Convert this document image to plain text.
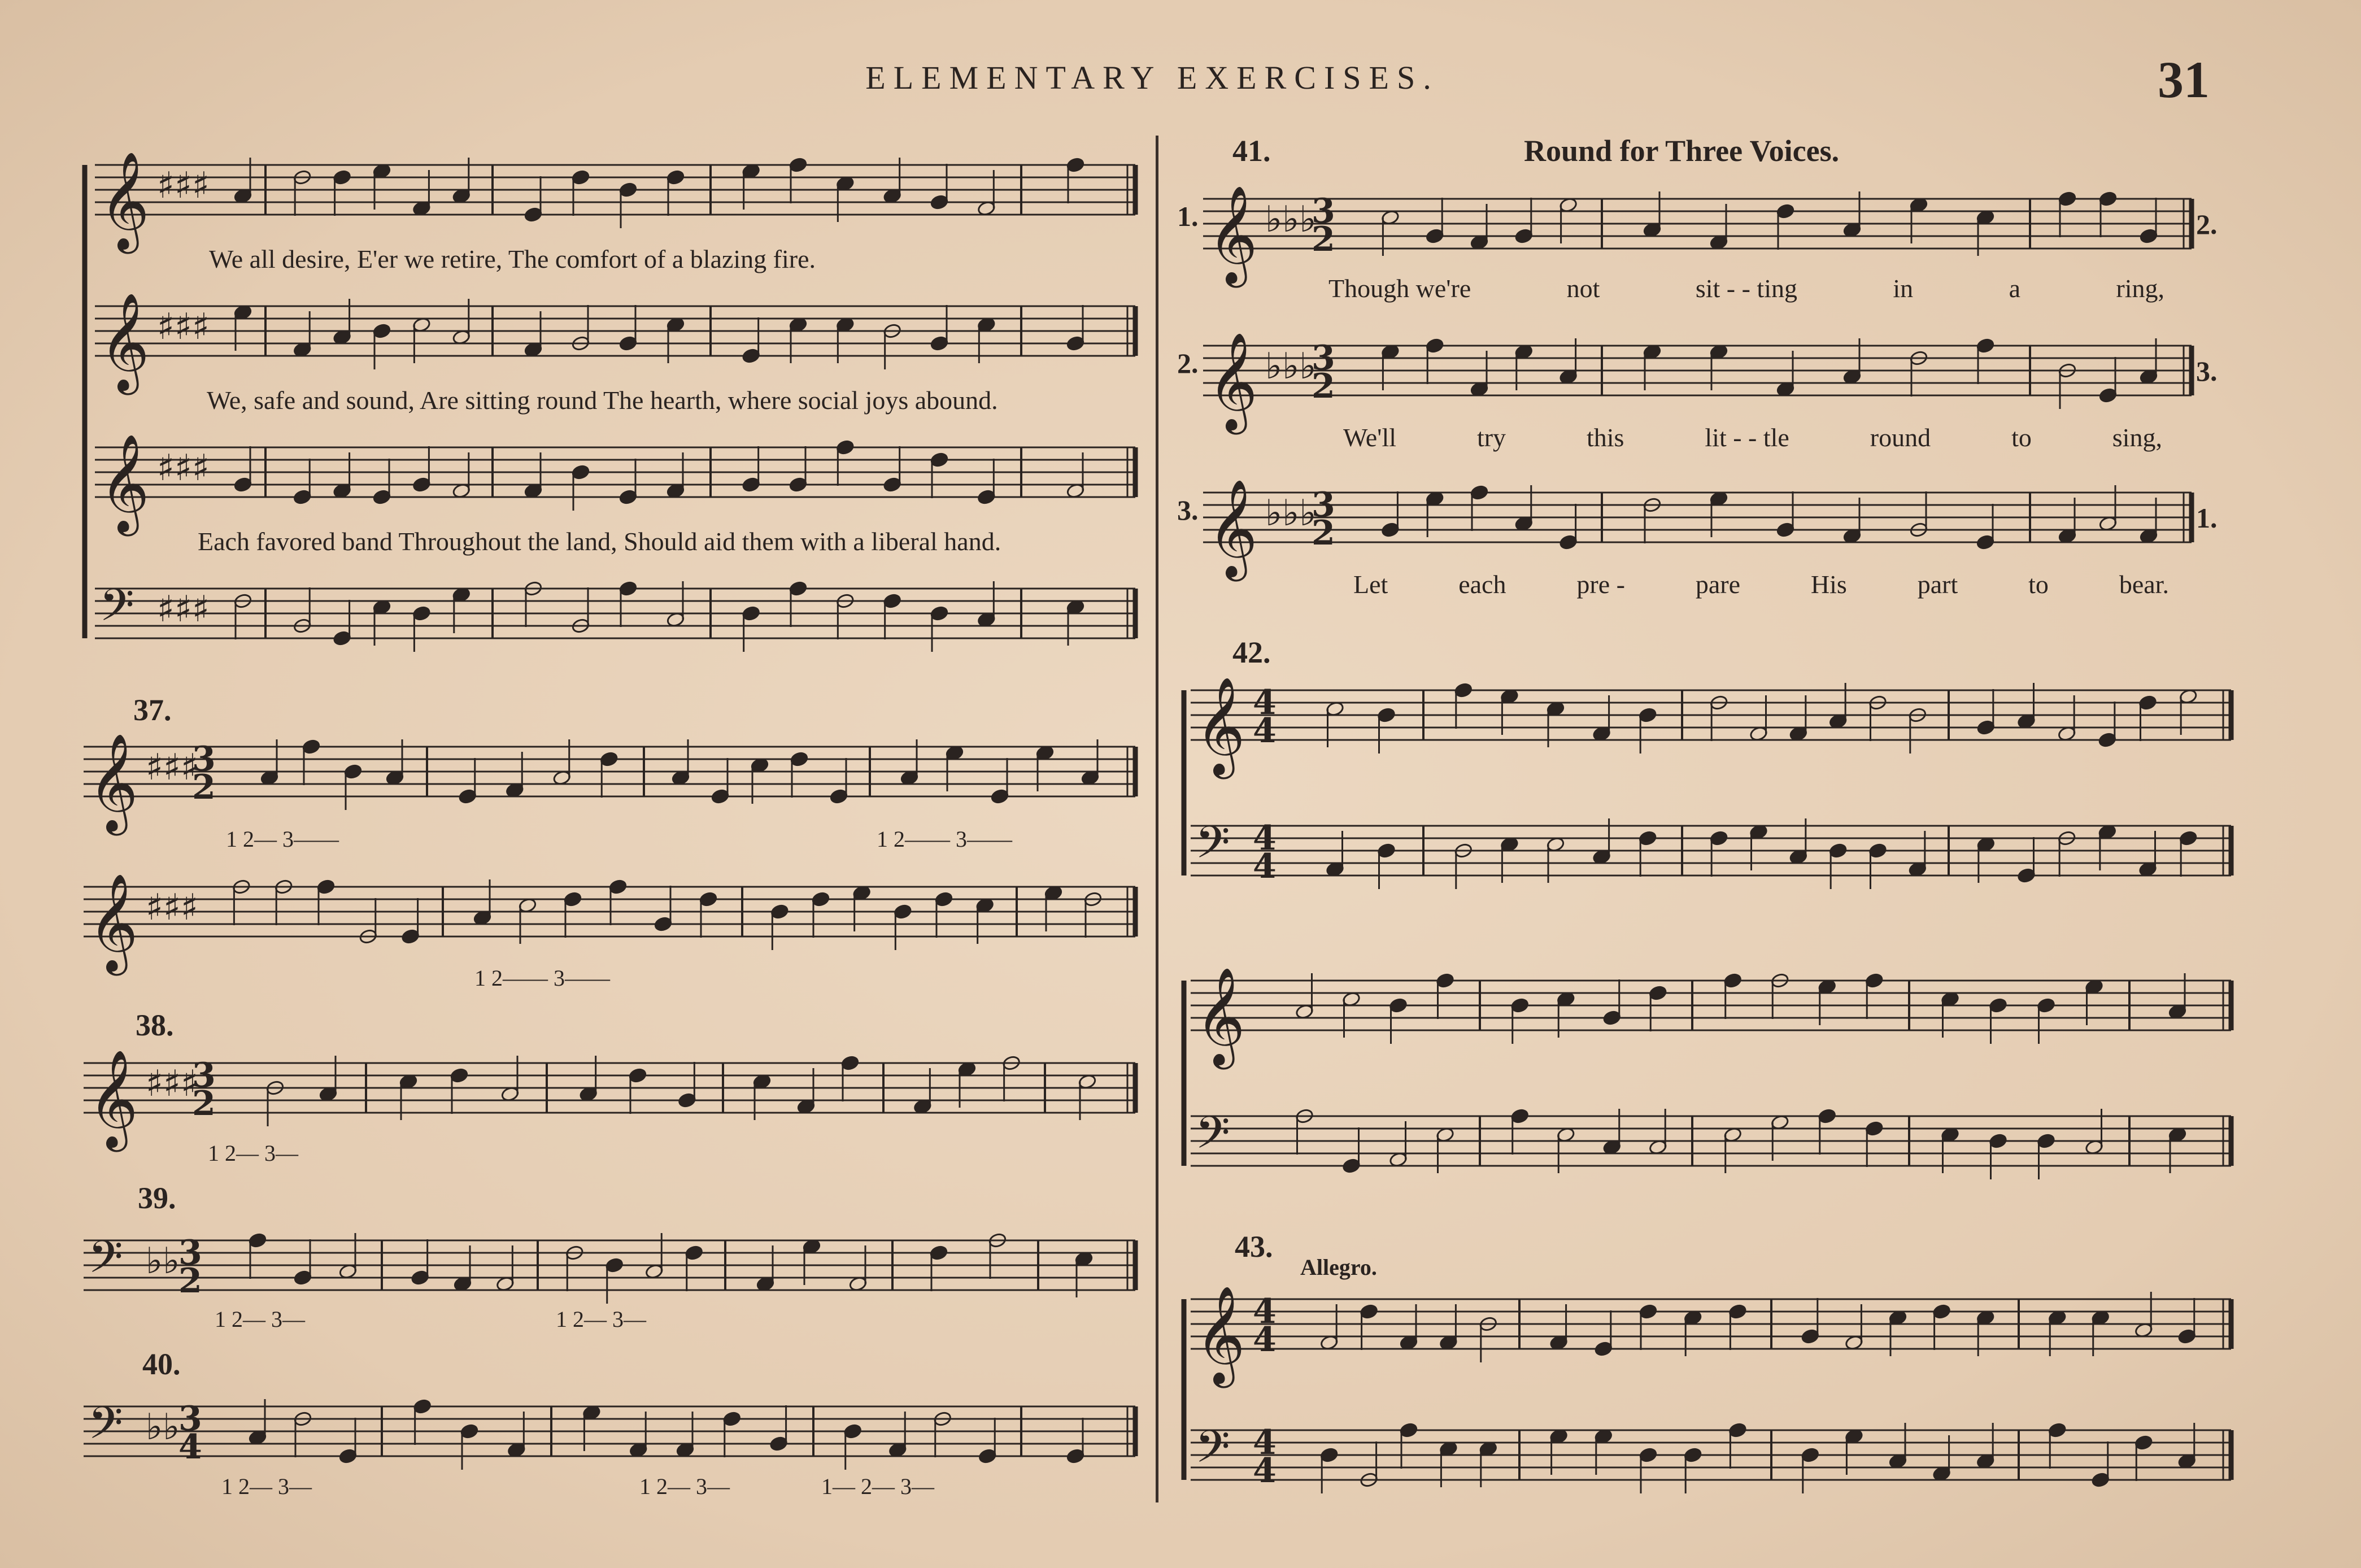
ELEMENTARY EXERCISES.	31
𝄞 ♯♯♯
𝄞 ♯♯♯
𝄞 ♯♯♯
𝄢 ♯♯♯
𝄞 ♯♯♯
3
2
𝄞 ♯♯♯
𝄞 ♯♯♯
3
2
𝄢 ♭♭
3
2
𝄢 ♭♭
3
4
𝄞 ♭♭♭
3
2
𝄞 ♭♭♭
3
2
𝄞 ♭♭♭
3
2
𝄞 4
4
𝄢 4
4
𝄞
𝄢
𝄞 4
4
𝄢 4
4
We all desire, E'er we retire, The comfort of a blazing fire.
We, safe and sound, Are sitting round The hearth, where social joys abound.
Each favored band Throughout the land, Should aid them with a liberal hand.
37.
1 2— 3——	1 2—— 3——
1 2—— 3——
38.
1 2— 3—
39.
1 2— 3—	1 2— 3—
40.
1 2— 3—	1 2— 3—	1— 2— 3—
41.	Round for Three Voices.
1.	2.
Though we're	not	sit - - ting	in	a	ring,
2.	3.
We'll	try	this	lit - - tle	round	to	sing,
3.	1.
Let	each	pre -	pare	His	part	to	bear.
42.
43.
Allegro.
